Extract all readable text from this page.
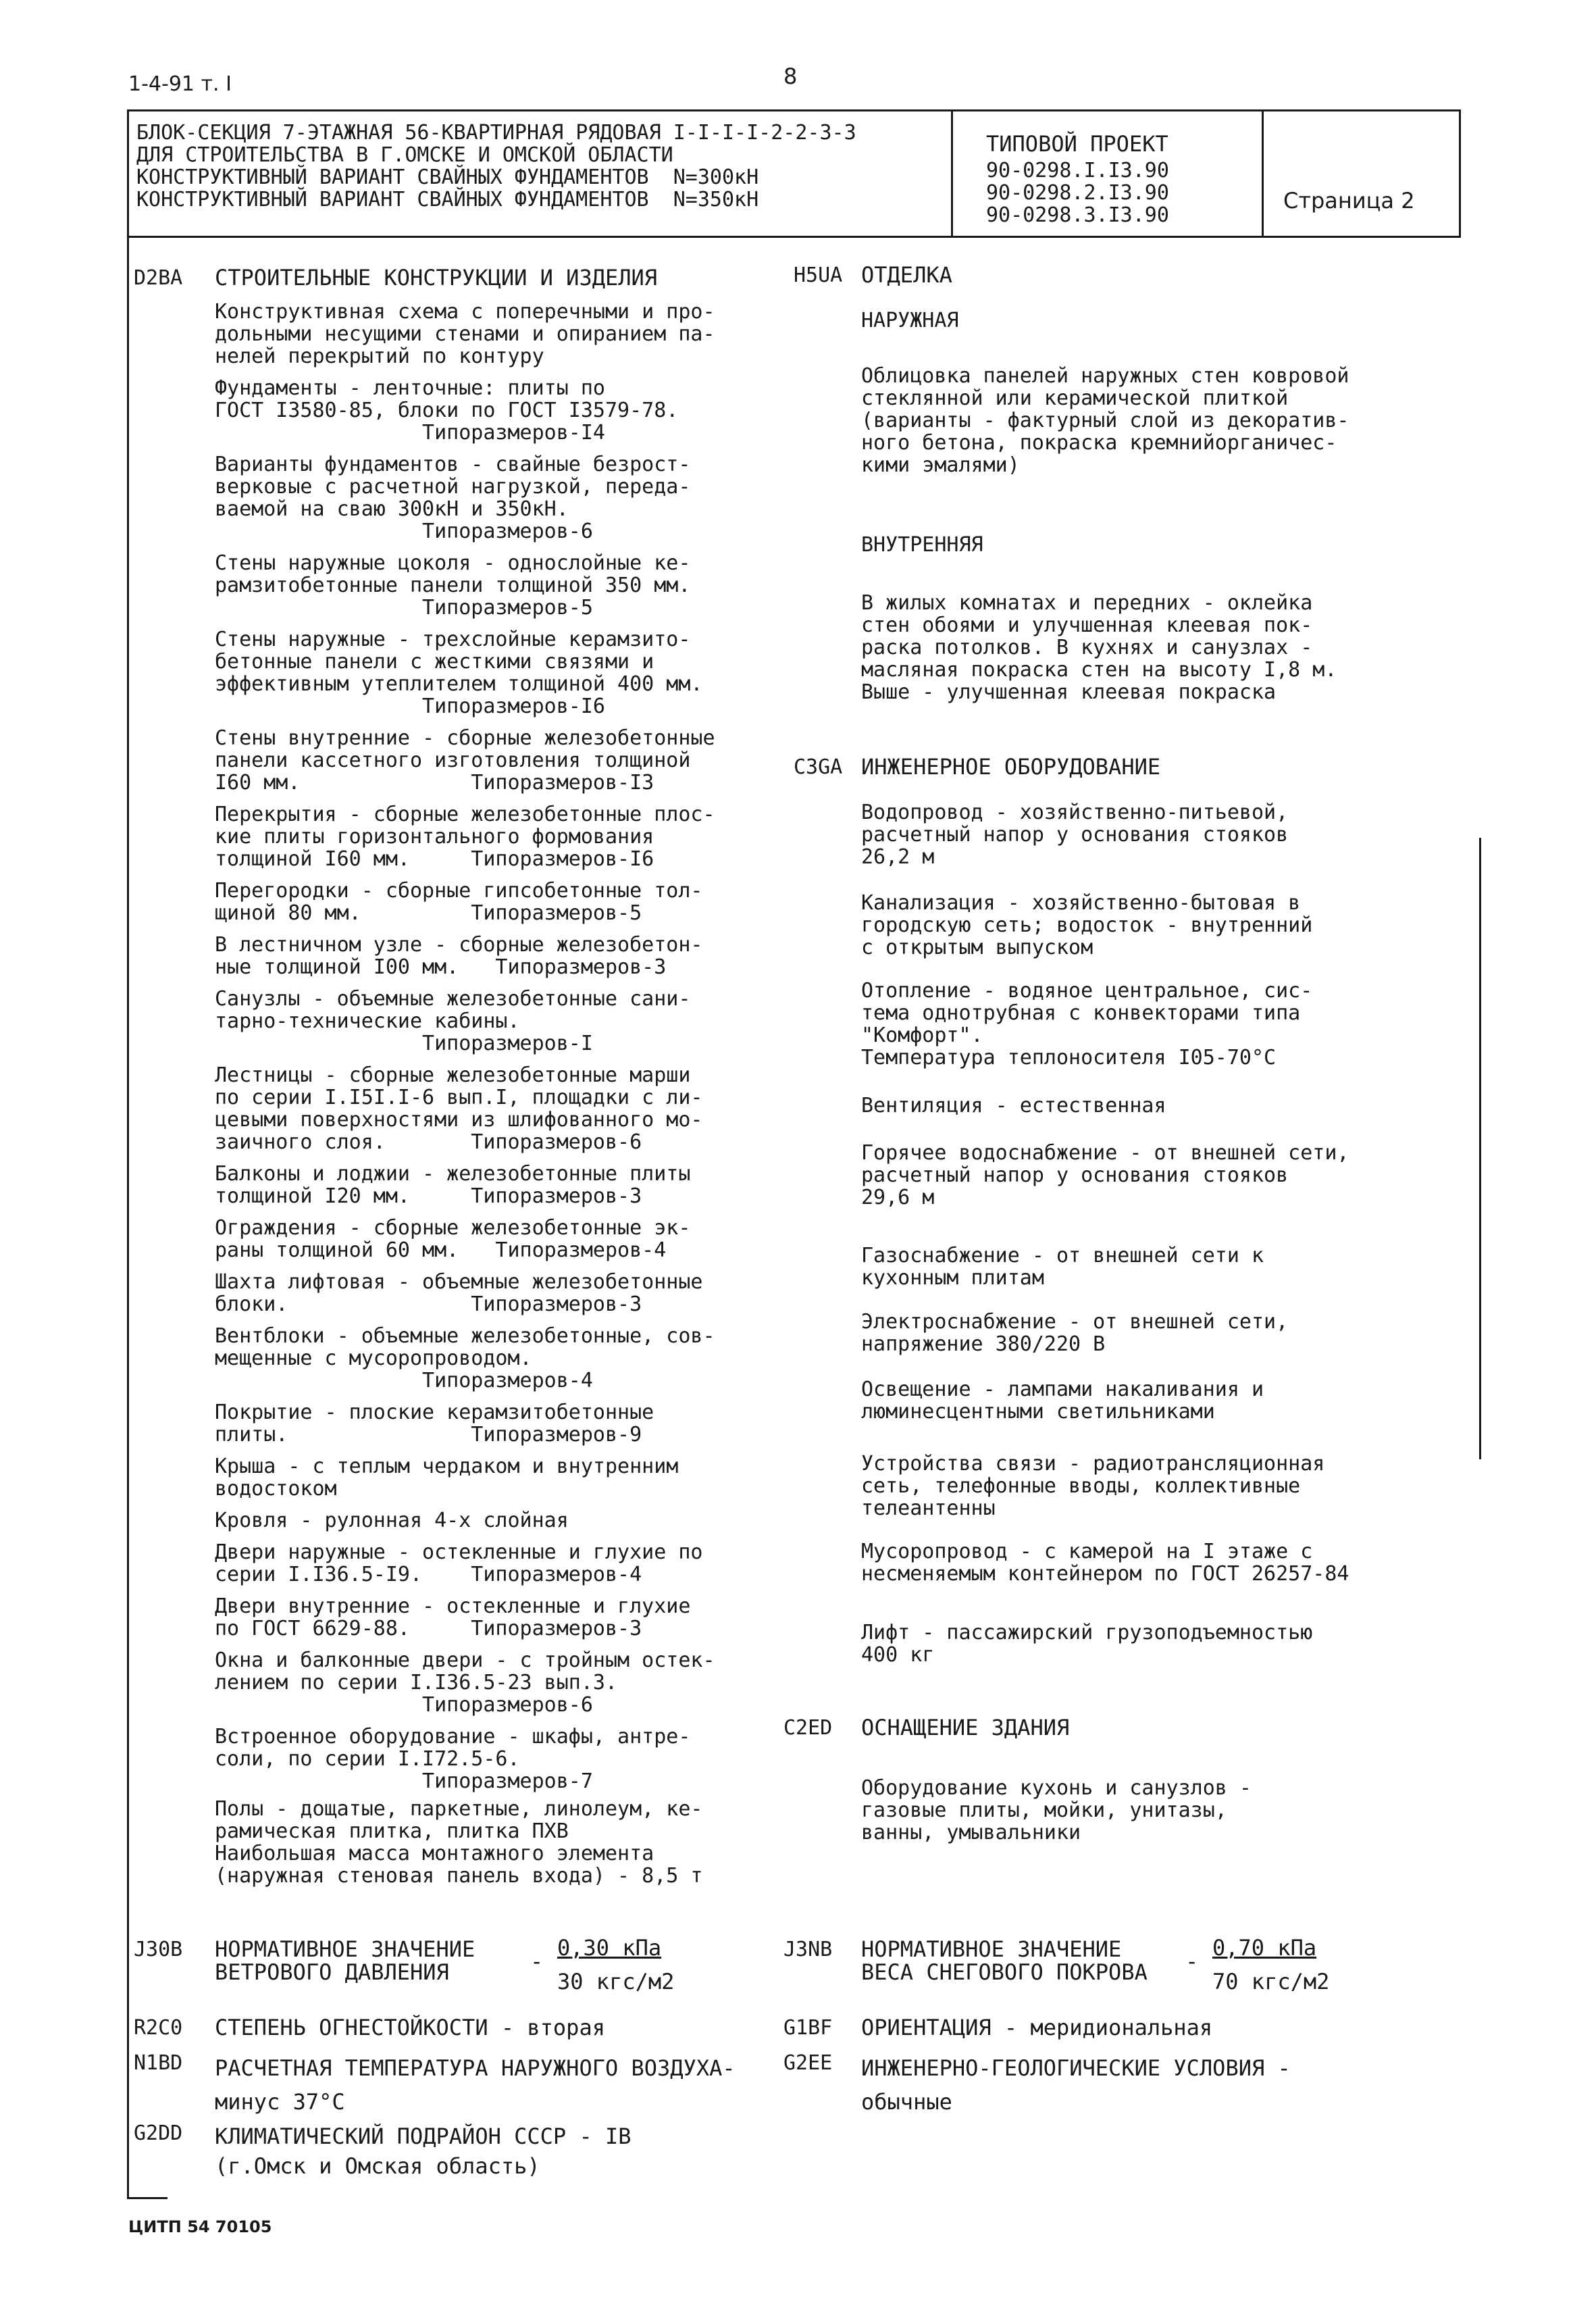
1-4-91 т. I	8
БЛОК-СЕКЦИЯ 7-ЭТАЖНАЯ 56-КВАРТИРНАЯ РЯДОВАЯ I-I-I-I-2-2-3-3
ДЛЯ СТРОИТЕЛЬСТВА В Г.ОМСКЕ И ОМСКОЙ ОБЛАСТИ
КОНСТРУКТИВНЫЙ ВАРИАНТ СВАЙНЫХ ФУНДАМЕНТОВ  N=300кН
КОНСТРУКТИВНЫЙ ВАРИАНТ СВАЙНЫХ ФУНДАМЕНТОВ  N=350кН
ТИПОВОЙ ПРОЕКТ
90-0298.I.I3.90
90-0298.2.I3.90
90-0298.3.I3.90
Страница 2
D2BA СТРОИТЕЛЬНЫЕ КОНСТРУКЦИИ И ИЗДЕЛИЯ
Конструктивная схема с поперечными и про-
дольными несущими стенами и опиранием па-
нелей перекрытий по контуру
Фундаменты - ленточные: плиты по
ГОСТ I3580-85, блоки по ГОСТ I3579-78.
Типоразмеров-I4
Варианты фундаментов - свайные безрост-
верковые с расчетной нагрузкой, переда-
ваемой на сваю 300кН и 350кН.
Типоразмеров-6
Стены наружные цоколя - однослойные ке-
рамзитобетонные панели толщиной 350 мм.
Типоразмеров-5
Стены наружные - трехслойные керамзито-
бетонные панели с жесткими связями и
эффективным утеплителем толщиной 400 мм.
Типоразмеров-I6
Стены внутренние - сборные железобетонные
панели кассетного изготовления толщиной
I60 мм.              Типоразмеров-I3
Перекрытия - сборные железобетонные плос-
кие плиты горизонтального формования
толщиной I60 мм.     Типоразмеров-I6
Перегородки - сборные гипсобетонные тол-
щиной 80 мм.         Типоразмеров-5
В лестничном узле - сборные железобетон-
ные толщиной I00 мм.   Типоразмеров-3
Санузлы - объемные железобетонные сани-
тарно-технические кабины.
Типоразмеров-I
Лестницы - сборные железобетонные марши
по серии I.I5I.I-6 вып.I, площадки с ли-
цевыми поверхностями из шлифованного мо-
заичного слоя.       Типоразмеров-6
Балконы и лоджии - железобетонные плиты
толщиной I20 мм.     Типоразмеров-3
Ограждения - сборные железобетонные эк-
раны толщиной 60 мм.   Типоразмеров-4
Шахта лифтовая - объемные железобетонные
блоки.               Типоразмеров-3
Вентблоки - объемные железобетонные, сов-
мещенные с мусоропроводом.
Типоразмеров-4
Покрытие - плоские керамзитобетонные
плиты.               Типоразмеров-9
Крыша - с теплым чердаком и внутренним
водостоком
Кровля - рулонная 4-х слойная
Двери наружные - остекленные и глухие по
серии I.I36.5-I9.    Типоразмеров-4
Двери внутренние - остекленные и глухие
по ГОСТ 6629-88.     Типоразмеров-3
Окна и балконные двери - с тройным остек-
лением по серии I.I36.5-23 вып.3.
Типоразмеров-6
Встроенное оборудование - шкафы, антре-
соли, по серии I.I72.5-6.
Типоразмеров-7
Полы - дощатые, паркетные, линолеум, ке-
рамическая плитка, плитка ПХВ
Наибольшая масса монтажного элемента
(наружная стеновая панель входа) - 8,5 т
H5UA ОТДЕЛКА
НАРУЖНАЯ
Облицовка панелей наружных стен ковровой
стеклянной или керамической плиткой
(варианты - фактурный слой из декоратив-
ного бетона, покраска кремнийорганичес-
кими эмалями)
ВНУТРЕННЯЯ
В жилых комнатах и передних - оклейка
стен обоями и улучшенная клеевая пок-
раска потолков. В кухнях и санузлах -
масляная покраска стен на высоту I,8 м.
Выше - улучшенная клеевая покраска
C3GA ИНЖЕНЕРНОЕ ОБОРУДОВАНИЕ
Водопровод - хозяйственно-питьевой,
расчетный напор у основания стояков
26,2 м
Канализация - хозяйственно-бытовая в
городскую сеть; водосток - внутренний
с открытым выпуском
Отопление - водяное центральное, сис-
тема однотрубная с конвекторами типа
"Комфорт".
Температура теплоносителя I05-70°С
Вентиляция - естественная
Горячее водоснабжение - от внешней сети,
расчетный напор у основания стояков
29,6 м
Газоснабжение - от внешней сети к
кухонным плитам
Электроснабжение - от внешней сети,
напряжение 380/220 В
Освещение - лампами накаливания и
люминесцентными светильниками
Устройства связи - радиотрансляционная
сеть, телефонные вводы, коллективные
телеантенны
Мусоропровод - с камерой на I этаже с
несменяемым контейнером по ГОСТ 26257-84
Лифт - пассажирский грузоподъемностью
400 кг
C2ED ОСНАЩЕНИЕ ЗДАНИЯ
Оборудование кухонь и санузлов -
газовые плиты, мойки, унитазы,
ванны, умывальники
J30B НОРМАТИВНОЕ ЗНАЧЕНИЕ
ВЕТРОВОГО ДАВЛЕНИЯ	-
0,30 кПа
30 кгс/м2
J3NB НОРМАТИВНОЕ ЗНАЧЕНИЕ
ВЕСА СНЕГОВОГО ПОКРОВА -
0,70 кПа
70 кгс/м2
R2C0 СТЕПЕНЬ ОГНЕСТОЙКОСТИ - вторая	G1BF ОРИЕНТАЦИЯ - меридиональная
N1BD РАСЧЕТНАЯ ТЕМПЕРАТУРА НАРУЖНОГО ВОЗДУХА-
минус 37°С
G2EE ИНЖЕНЕРНО-ГЕОЛОГИЧЕСКИЕ УСЛОВИЯ -
обычные
G2DD КЛИМАТИЧЕСКИЙ ПОДРАЙОН СССР - IB
(г.Омск и Омская область)
ЦИТП 54 70105
